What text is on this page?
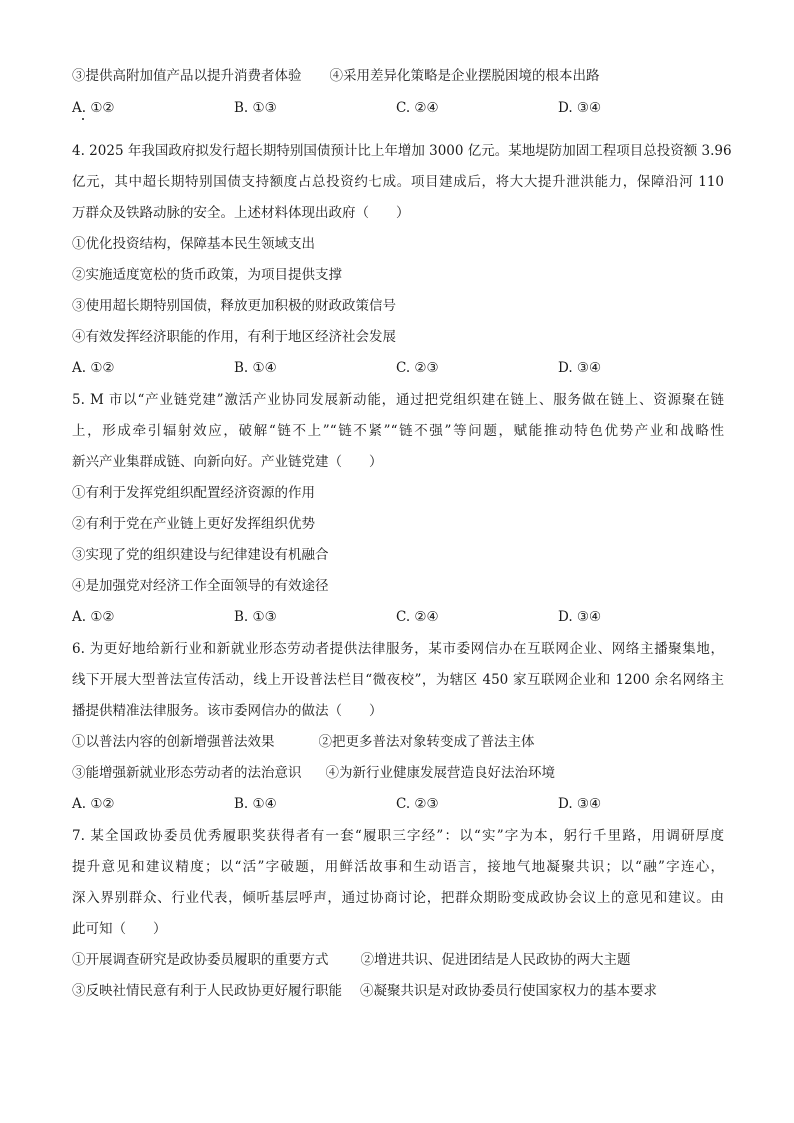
③提供高附加值产品以提升消费者体验 ④采用差异化策略是企业摆脱困境的根本出路
A. ①②	B. ①③	C. ②④	D. ③④
4. 2025 年我国政府拟发行超长期特别国债预计比上年增加 3000 亿元。某地堤防加固工程项目总投资额 3.96
亿元，其中超长期特别国债支持额度占总投资约七成。项目建成后，将大大提升泄洪能力，保障沿河 110
万群众及铁路动脉的安全。上述材料体现出政府（　　）
①优化投资结构，保障基本民生领域支出
②实施适度宽松的货币政策，为项目提供支撑
③使用超长期特别国债，释放更加积极的财政政策信号
④有效发挥经济职能的作用，有利于地区经济社会发展
A. ①②	B. ①④	C. ②③	D. ③④
5. M 市以“产业链党建”激活产业协同发展新动能，通过把党组织建在链上、服务做在链上、资源聚在链
上，形成牵引辐射效应，破解“链不上”“链不紧”“链不强”等问题，赋能推动特色优势产业和战略性
新兴产业集群成链、向新向好。产业链党建（　　）
①有利于发挥党组织配置经济资源的作用
②有利于党在产业链上更好发挥组织优势
③实现了党的组织建设与纪律建设有机融合
④是加强党对经济工作全面领导的有效途径
A. ①②	B. ①③	C. ②④	D. ③④
6. 为更好地给新行业和新就业形态劳动者提供法律服务，某市委网信办在互联网企业、网络主播聚集地，
线下开展大型普法宣传活动，线上开设普法栏目“微夜校”，为辖区 450 家互联网企业和 1200 余名网络主
播提供精准法律服务。该市委网信办的做法（　　）
①以普法内容的创新增强普法效果	②把更多普法对象转变成了普法主体
③能增强新就业形态劳动者的法治意识 ④为新行业健康发展营造良好法治环境
A. ①②	B. ①④	C. ②③	D. ③④
7. 某全国政协委员优秀履职奖获得者有一套“履职三字经”：以“实”字为本，躬行千里路，用调研厚度
提升意见和建议精度；以“活”字破题，用鲜活故事和生动语言，接地气地凝聚共识；以“融”字连心，
深入界别群众、行业代表，倾听基层呼声，通过协商讨论，把群众期盼变成政协会议上的意见和建议。由
此可知（　　）
①开展调查研究是政协委员履职的重要方式 ②增进共识、促进团结是人民政协的两大主题
③反映社情民意有利于人民政协更好履行职能 ④凝聚共识是对政协委员行使国家权力的基本要求
